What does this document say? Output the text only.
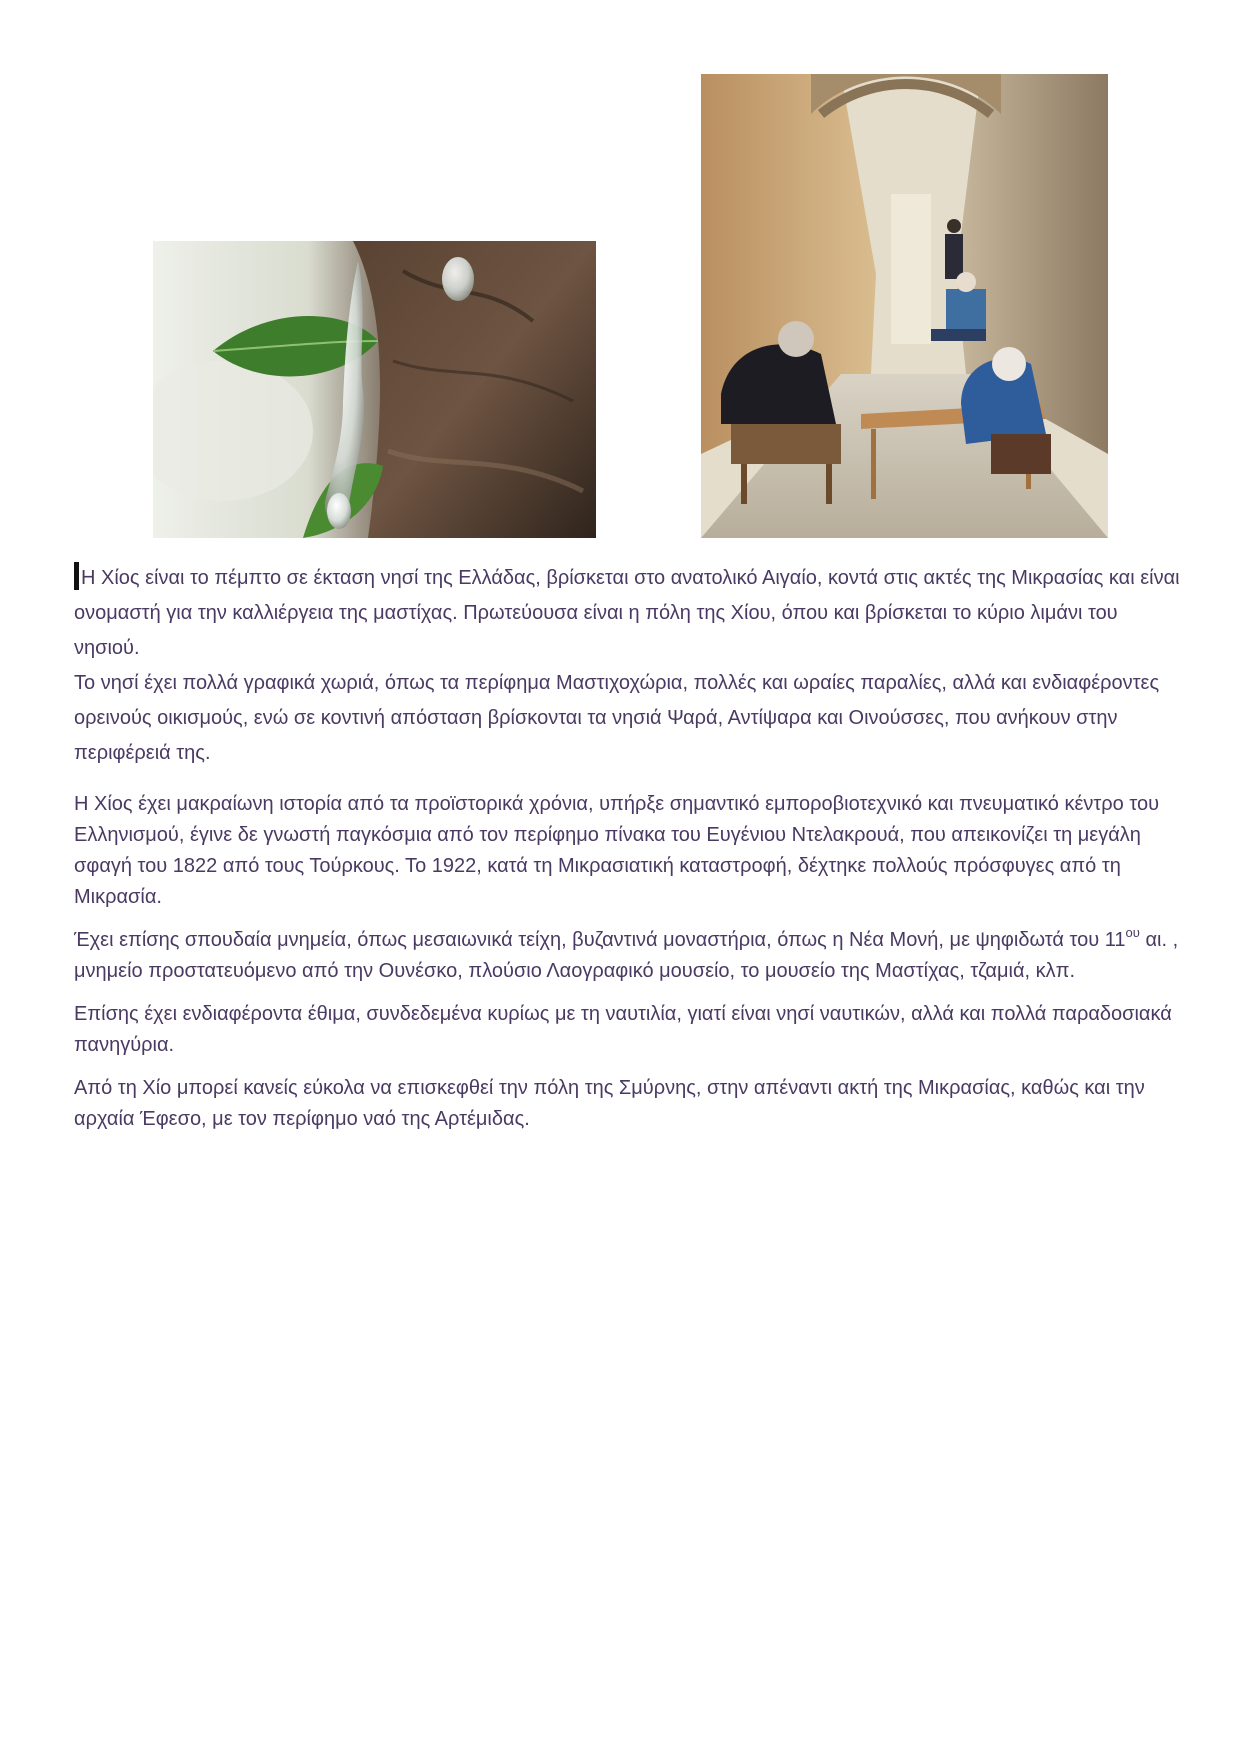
Η Χίος είναι το πέμπτο σε έκταση νησί της Ελλάδας, βρίσκεται στο ανατολικό Αιγαίο, κοντά στις ακτές της Μικρασίας και είναι ονομαστή για την καλλιέργεια της μαστίχας. Πρωτεύουσα είναι η πόλη της Χίου, όπου και βρίσκεται το κύριο λιμάνι του νησιού.

Το νησί έχει πολλά γραφικά χωριά, όπως τα περίφημα Μαστιχοχώρια, πολλές και ωραίες παραλίες, αλλά και ενδιαφέροντες ορεινούς οικισμούς, ενώ σε κοντινή απόσταση βρίσκονται τα νησιά Ψαρά, Αντίψαρα και Οινούσσες, που ανήκουν στην περιφέρειά της.

Η Χίος έχει μακραίωνη ιστορία από τα προϊστορικά χρόνια, υπήρξε σημαντικό εμποροβιοτεχνικό και πνευματικό κέντρο του Ελληνισμού, έγινε δε γνωστή παγκόσμια από τον περίφημο πίνακα του Ευγένιου Ντελακρουά, που απεικονίζει τη μεγάλη σφαγή του 1822 από τους Τούρκους. Το 1922, κατά τη Μικρασιατική καταστροφή, δέχτηκε πολλούς πρόσφυγες από τη Μικρασία.

Έχει επίσης σπουδαία μνημεία, όπως μεσαιωνικά τείχη, βυζαντινά μοναστήρια, όπως η Νέα Μονή, με ψηφιδωτά του $11^{o\upsilon}$ αι. , μνημείο προστατευόμενο από την Ουνέσκο, πλούσιο Λαογραφικό μουσείο, το μουσείο της Μαστίχας, τζαμιά, κλπ.

Επίσης έχει ενδιαφέροντα έθιμα, συνδεδεμένα κυρίως με τη ναυτιλία, γιατί είναι νησί ναυτικών, αλλά και πολλά παραδοσιακά πανηγύρια.

Από τη Χίο μπορεί κανείς εύκολα να επισκεφθεί την πόλη της Σμύρνης, στην απέναντι ακτή της Μικρασίας, καθώς και την αρχαία Έφεσο, με τον περίφημο ναό της Αρτέμιδας.
